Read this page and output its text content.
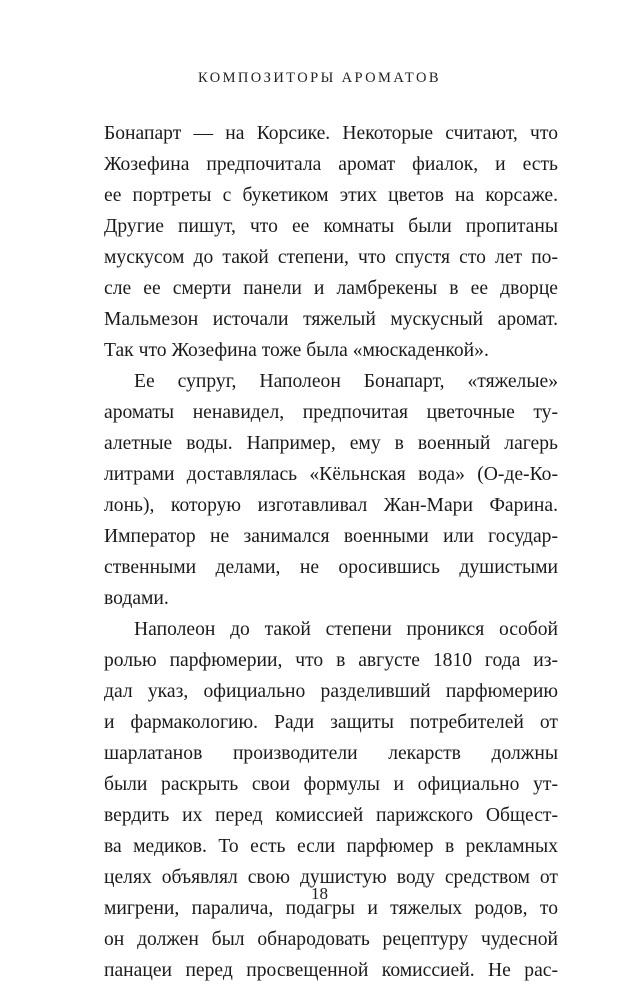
КОМПОЗИТОРЫ АРОМАТОВ
Бонапарт — на Корсике. Некоторые считают, что
Жозефина предпочитала аромат фиалок, и есть
ее портреты с букетиком этих цветов на корсаже.
Другие пишут, что ее комнаты были пропитаны
мускусом до такой степени, что спустя сто лет по-
сле ее смерти панели и ламбрекены в ее дворце
Мальмезон источали тяжелый мускусный аромат.
Так что Жозефина тоже была «мюскаденкой».
Ее супруг, Наполеон Бонапарт, «тяжелые»
ароматы ненавидел, предпочитая цветочные ту-
алетные воды. Например, ему в военный лагерь
литрами доставлялась «Кёльнская вода» (О-де-Ко-
лонь), которую изготавливал Жан-Мари Фарина.
Император не занимался военными или государ-
ственными делами, не оросившись душистыми
водами.
Наполеон до такой степени проникся особой
ролью парфюмерии, что в августе 1810 года из-
дал указ, официально разделивший парфюмерию
и фармакологию. Ради защиты потребителей от
шарлатанов производители лекарств должны
были раскрыть свои формулы и официально ут-
вердить их перед комиссией парижского Общест-
ва медиков. То есть если парфюмер в рекламных
целях объявлял свою душистую воду средством от
мигрени, паралича, подагры и тяжелых родов, то
он должен был обнародовать рецептуру чудесной
панацеи перед просвещенной комиссией. Не рас-
18
